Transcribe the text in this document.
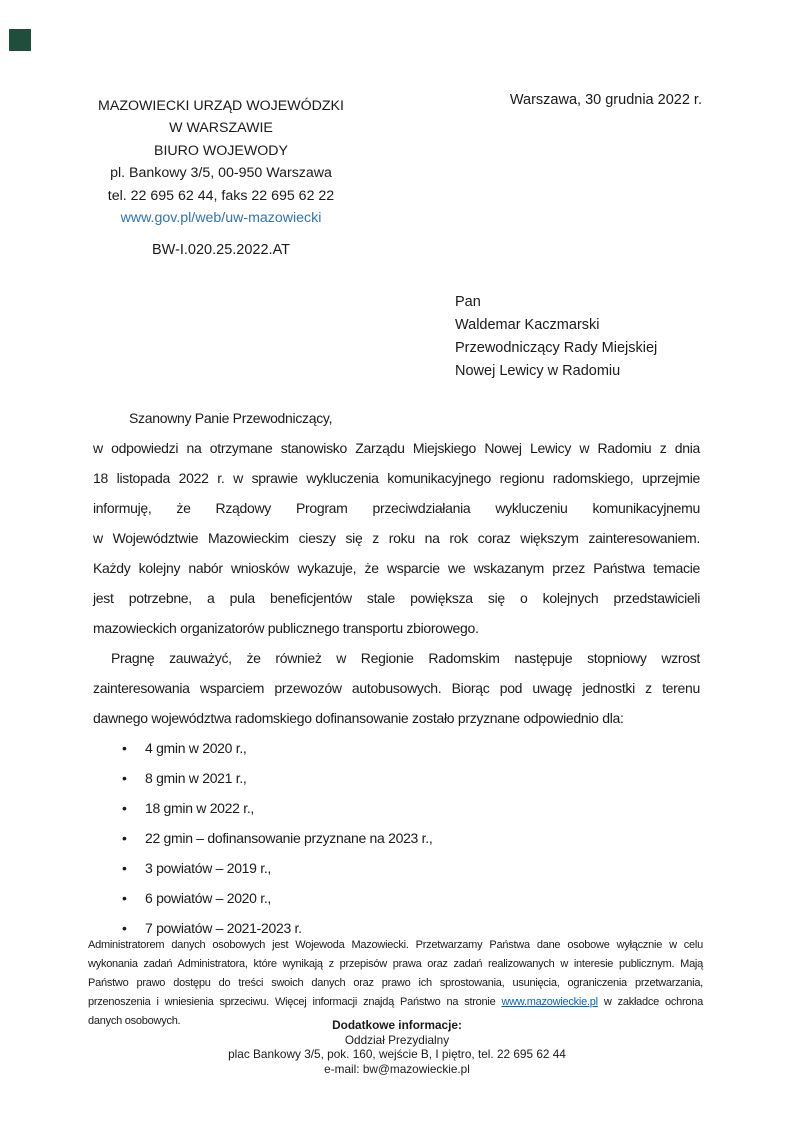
Warszawa, 30 grudnia 2022 r.
MAZOWIECKI URZĄD WOJEWÓDZKI
W WARSZAWIE
BIURO WOJEWODY
pl. Bankowy 3/5, 00-950 Warszawa
tel. 22 695 62 44, faks 22 695 62 22
www.gov.pl/web/uw-mazowiecki
BW-I.020.25.2022.AT
Pan
Waldemar Kaczmarski
Przewodniczący Rady Miejskiej
Nowej Lewicy w Radomiu
Szanowny Panie Przewodniczący,
w odpowiedzi na otrzymane stanowisko Zarządu Miejskiego Nowej Lewicy w Radomiu z dnia
18 listopada 2022 r. w sprawie wykluczenia komunikacyjnego regionu radomskiego, uprzejmie
informuję, że Rządowy Program przeciwdziałania wykluczeniu komunikacyjnemu
w Województwie Mazowieckim cieszy się z roku na rok coraz większym zainteresowaniem.
Każdy kolejny nabór wniosków wykazuje, że wsparcie we wskazanym przez Państwa temacie
jest potrzebne, a pula beneficjentów stale powiększa się o kolejnych przedstawicieli
mazowieckich organizatorów publicznego transportu zbiorowego.
Pragnę zauważyć, że również w Regionie Radomskim następuje stopniowy wzrost
zainteresowania wsparciem przewozów autobusowych. Biorąc pod uwagę jednostki z terenu
dawnego województwa radomskiego dofinansowanie zostało przyznane odpowiednio dla:
• 4 gmin w 2020 r.,
• 8 gmin w 2021 r.,
• 18 gmin w 2022 r.,
• 22 gmin – dofinansowanie przyznane na 2023 r.,
• 3 powiatów – 2019 r.,
• 6 powiatów – 2020 r.,
• 7 powiatów – 2021-2023 r.
Administratorem danych osobowych jest Wojewoda Mazowiecki. Przetwarzamy Państwa dane osobowe wyłącznie w celu
wykonania zadań Administratora, które wynikają z przepisów prawa oraz zadań realizowanych w interesie publicznym. Mają
Państwo prawo dostępu do treści swoich danych oraz prawo ich sprostowania, usunięcia, ograniczenia przetwarzania,
przenoszenia i wniesienia sprzeciwu. Więcej informacji znajdą Państwo na stronie www.mazowieckie.pl w zakładce ochrona
danych osobowych.	Dodatkowe informacje:
Oddział Prezydialny
plac Bankowy 3/5, pok. 160, wejście B, I piętro, tel. 22 695 62 44
e-mail: bw@mazowieckie.pl
